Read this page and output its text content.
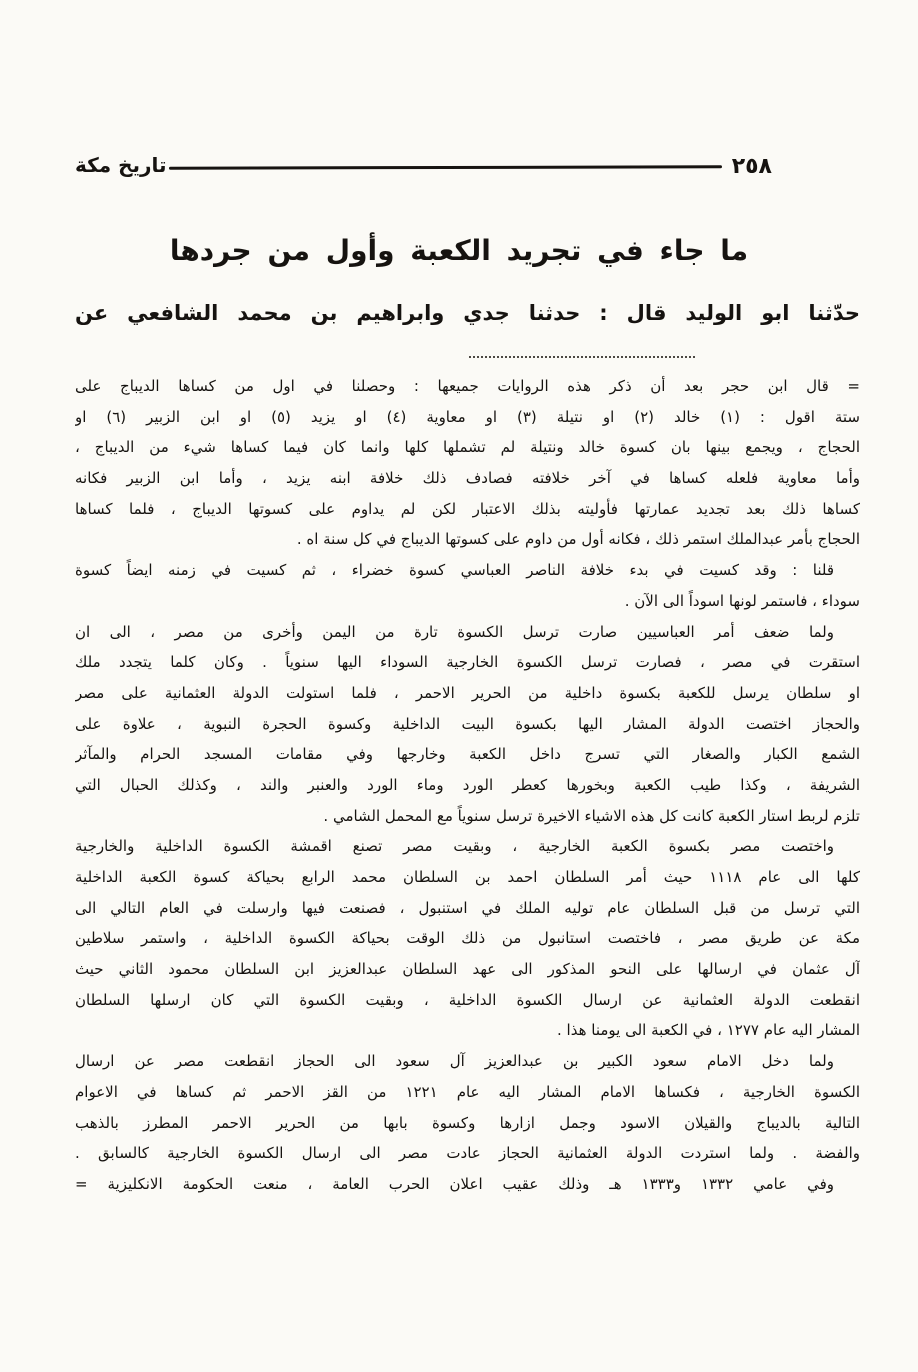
تاريخ مكة	٢٥٨
ما جاء في تجريد الكعبة وأول من جردها
حدّثنا ابو الوليد قال : حدثنا جدي وابراهيم بن محمد الشافعي عن
= قال ابن حجر بعد أن ذكر هذه الروايات جميعها : وحصلنا في اول من كساها الديباج على
ستة اقول : (١) خالد (٢) او نتيلة (٣) او معاوية (٤) او يزيد (٥) او ابن الزبير (٦) او
الحجاج ، ويجمع بينها بان كسوة خالد ونتيلة لم تشملها كلها وانما كان فيما كساها شيء من الديباج ،
وأما معاوية فلعله كساها في آخر خلافته فصادف ذلك خلافة ابنه يزيد ، وأما ابن الزبير فكانه
كساها ذلك بعد تجديد عمارتها فأوليته بذلك الاعتبار لكن لم يداوم على كسوتها الديباج ، فلما كساها
الحجاج بأمر عبدالملك استمر ذلك ، فكانه أول من داوم على كسوتها الديباج في كل سنة اه .
قلنا : وقد كسيت في بدء خلافة الناصر العباسي كسوة خضراء ، ثم كسيت في زمنه ايضاً كسوة
سوداء ، فاستمر لونها اسوداً الى الآن .
ولما ضعف أمر العباسيين صارت ترسل الكسوة تارة من اليمن وأخرى من مصر ، الى ان
استقرت في مصر ، فصارت ترسل الكسوة الخارجية السوداء اليها سنوياً . وكان كلما يتجدد ملك
او سلطان يرسل للكعبة بكسوة داخلية من الحرير الاحمر ، فلما استولت الدولة العثمانية على مصر
والحجاز اختصت الدولة المشار اليها بكسوة البيت الداخلية وكسوة الحجرة النبوية ، علاوة على
الشمع الكبار والصغار التي تسرج داخل الكعبة وخارجها وفي مقامات المسجد الحرام والمآثر
الشريفة ، وكذا طيب الكعبة وبخورها كعطر الورد وماء الورد والعنبر والند ، وكذلك الحبال التي
تلزم لربط استار الكعبة كانت كل هذه الاشياء الاخيرة ترسل سنوياً مع المحمل الشامي .
واختصت مصر بكسوة الكعبة الخارجية ، وبقيت مصر تصنع اقمشة الكسوة الداخلية والخارجية
كلها الى عام ١١١٨ حيث أمر السلطان احمد بن السلطان محمد الرابع بحياكة كسوة الكعبة الداخلية
التي ترسل من قبل السلطان عام توليه الملك في استنبول ، فصنعت فيها وارسلت في العام التالي الى
مكة عن طريق مصر ، فاختصت استانبول من ذلك الوقت بحياكة الكسوة الداخلية ، واستمر سلاطين
آل عثمان في ارسالها على النحو المذكور الى عهد السلطان عبدالعزيز ابن السلطان محمود الثاني حيث
انقطعت الدولة العثمانية عن ارسال الكسوة الداخلية ، وبقيت الكسوة التي كان ارسلها السلطان
المشار اليه عام ١٢٧٧ ، في الكعبة الى يومنا هذا .
ولما دخل الامام سعود الكبير بن عبدالعزيز آل سعود الى الحجاز انقطعت مصر عن ارسال
الكسوة الخارجية ، فكساها الامام المشار اليه عام ١٢٢١ من القز الاحمر ثم كساها في الاعوام
التالية بالديباج والقيلان الاسود وجمل ازارها وكسوة بابها من الحرير الاحمر المطرز بالذهب
والفضة . ولما استردت الدولة العثمانية الحجاز عادت مصر الى ارسال الكسوة الخارجية كالسابق .
وفي عامي ١٣٣٢ و١٣٣٣ هـ وذلك عقيب اعلان الحرب العامة ، منعت الحكومة الانكليزية =
